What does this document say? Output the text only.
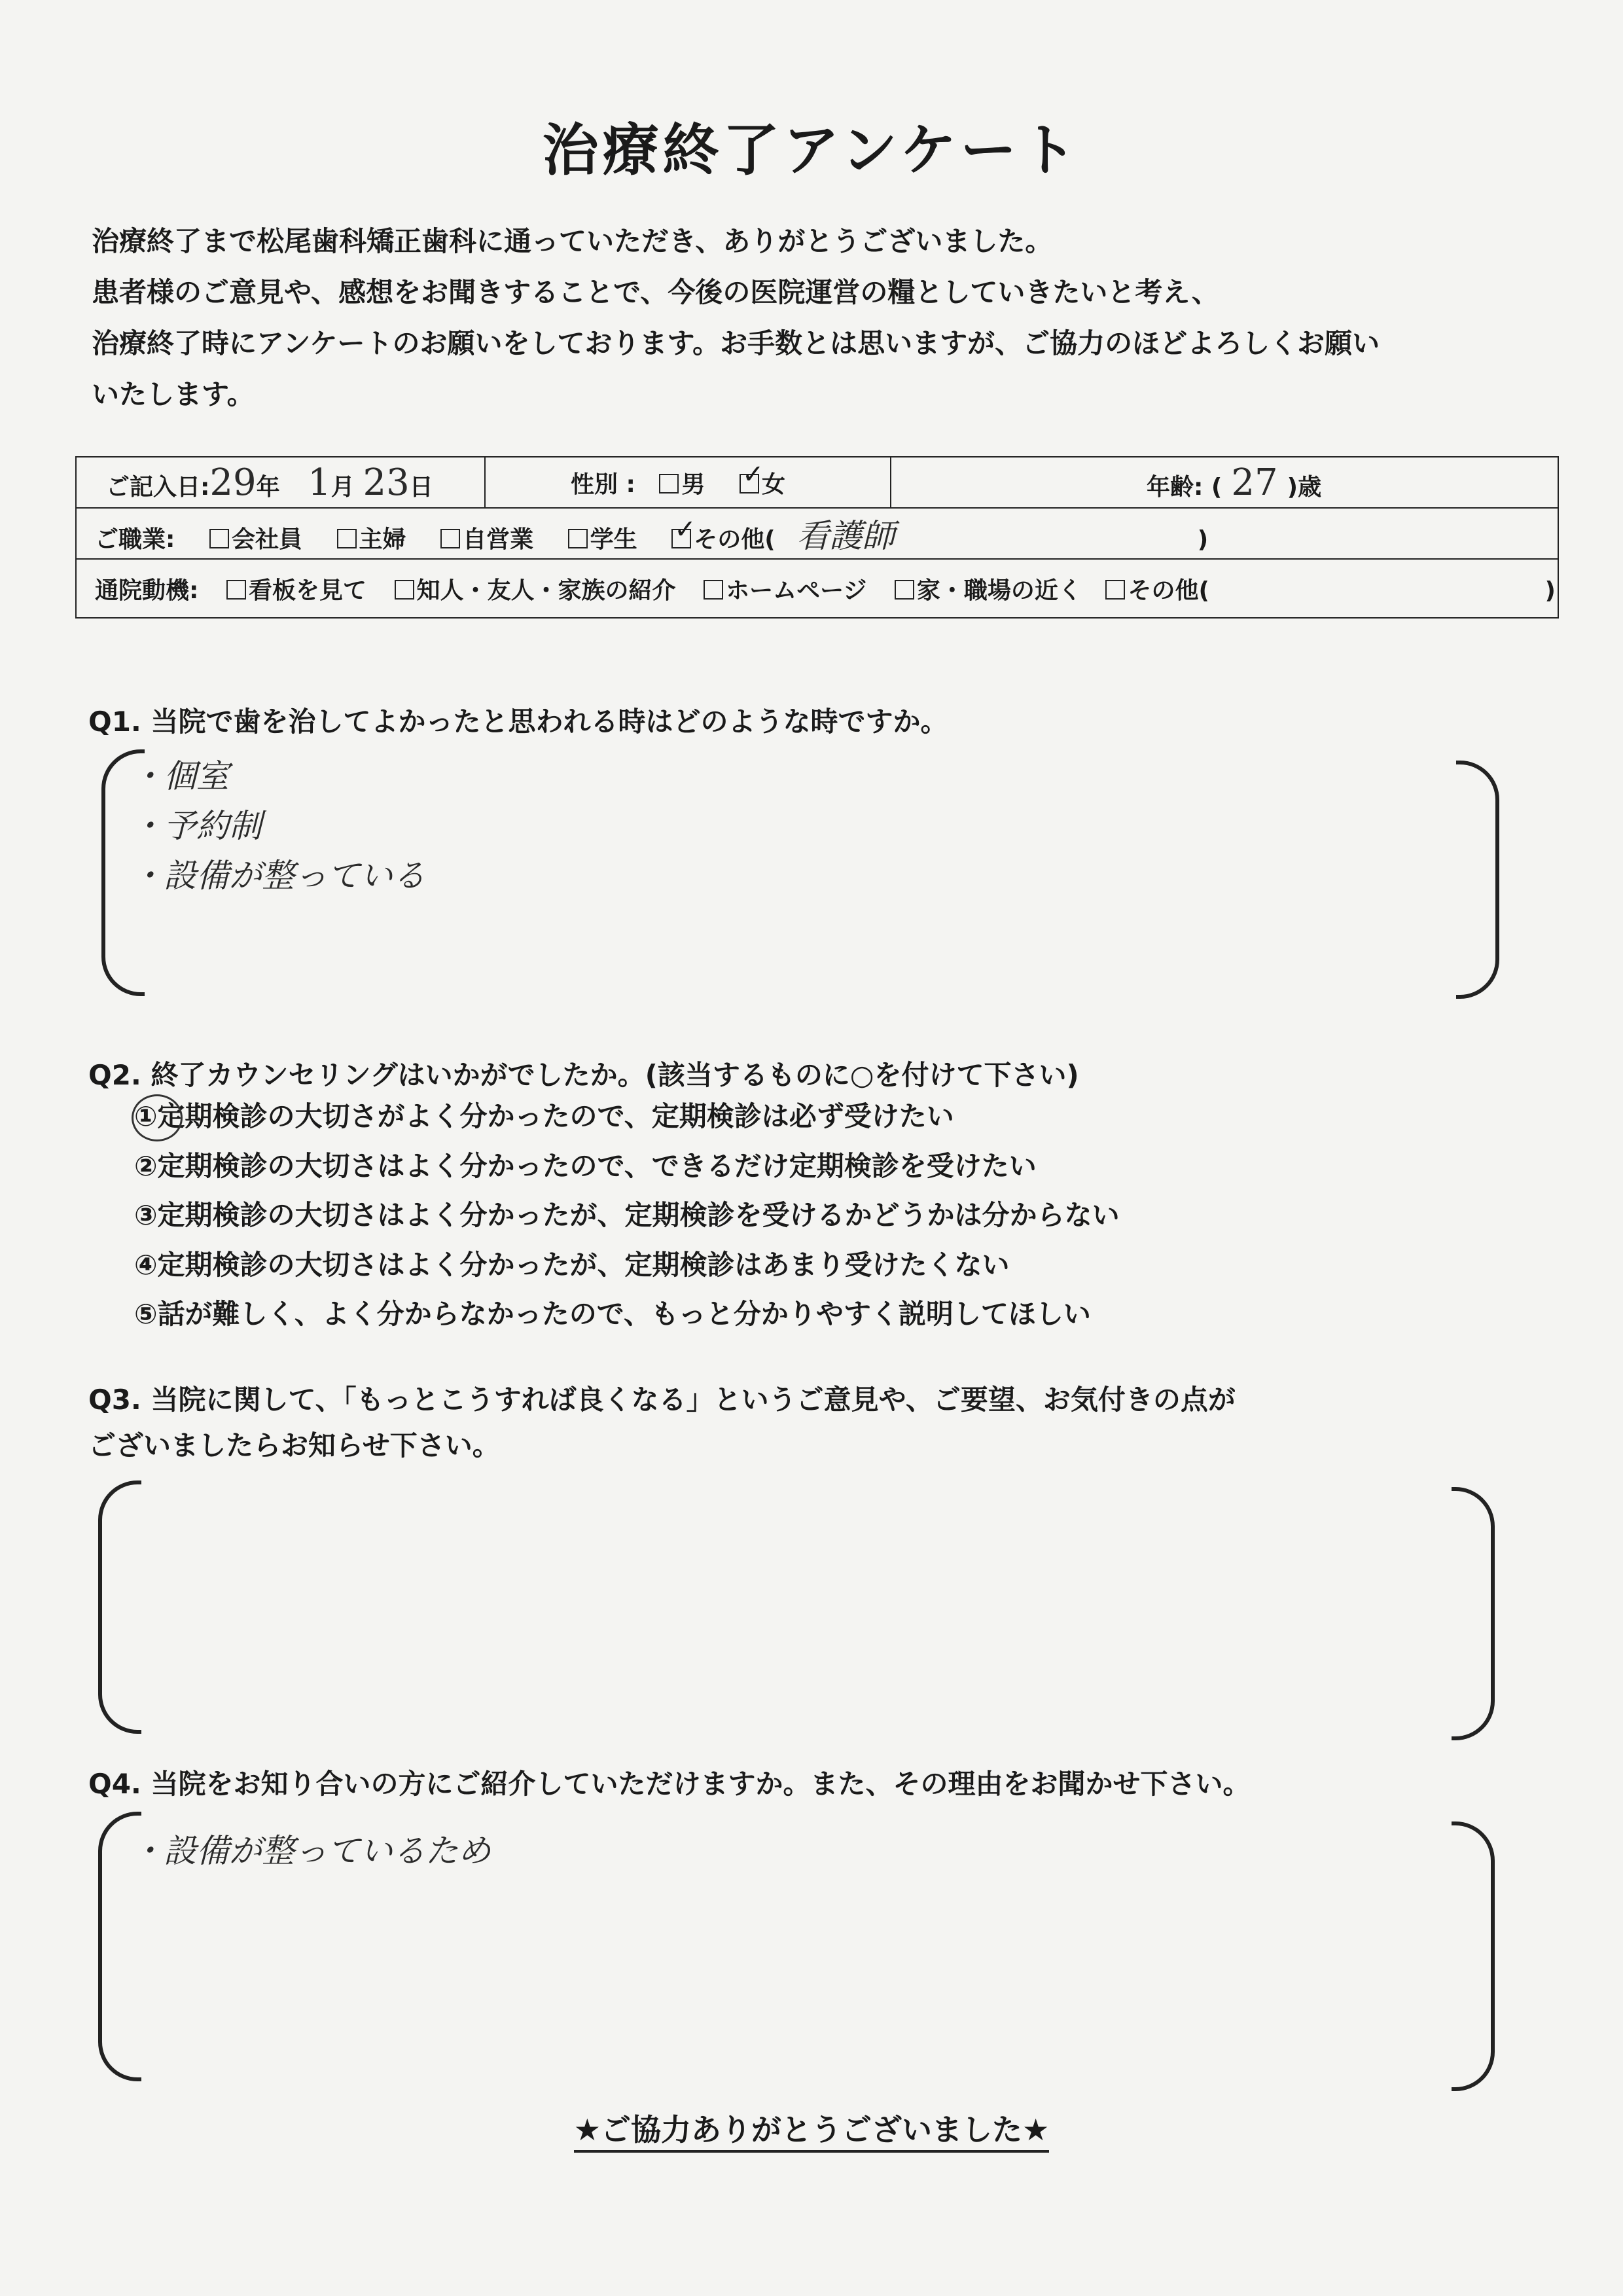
治療終了アンケート
治療終了まで松尾歯科矯正歯科に通っていただき、ありがとうございました。
患者様のご意見や、感想をお聞きすることで、今後の医院運営の糧としていきたいと考え、
治療終了時にアンケートのお願いをしております。お手数とは思いますが、ご協力のほどよろしくお願い
いたします。
ご記入日:29年 1月 23日	性別 : 男 ✓ 女	年齢: ( 27 )歳
ご職業: 会社員 主婦 自営業 学生 ✓ その他( 看護師	)
通院動機: 看板を見て 知人・友人・家族の紹介 ホームページ 家・職場の近く その他(	)
Q1. 当院で歯を治してよかったと思われる時はどのような時ですか。
・個室
・予約制
・設備が整っている
Q2. 終了カウンセリングはいかがでしたか。(該当するものに○を付けて下さい)
①定期検診の大切さがよく分かったので、定期検診は必ず受けたい
②定期検診の大切さはよく分かったので、できるだけ定期検診を受けたい
③定期検診の大切さはよく分かったが、定期検診を受けるかどうかは分からない
④定期検診の大切さはよく分かったが、定期検診はあまり受けたくない
⑤話が難しく、よく分からなかったので、もっと分かりやすく説明してほしい
Q3. 当院に関して、「もっとこうすれば良くなる」というご意見や、ご要望、お気付きの点が
ございましたらお知らせ下さい。
Q4. 当院をお知り合いの方にご紹介していただけますか。また、その理由をお聞かせ下さい。
・設備が整っているため
★ご協力ありがとうございました★
